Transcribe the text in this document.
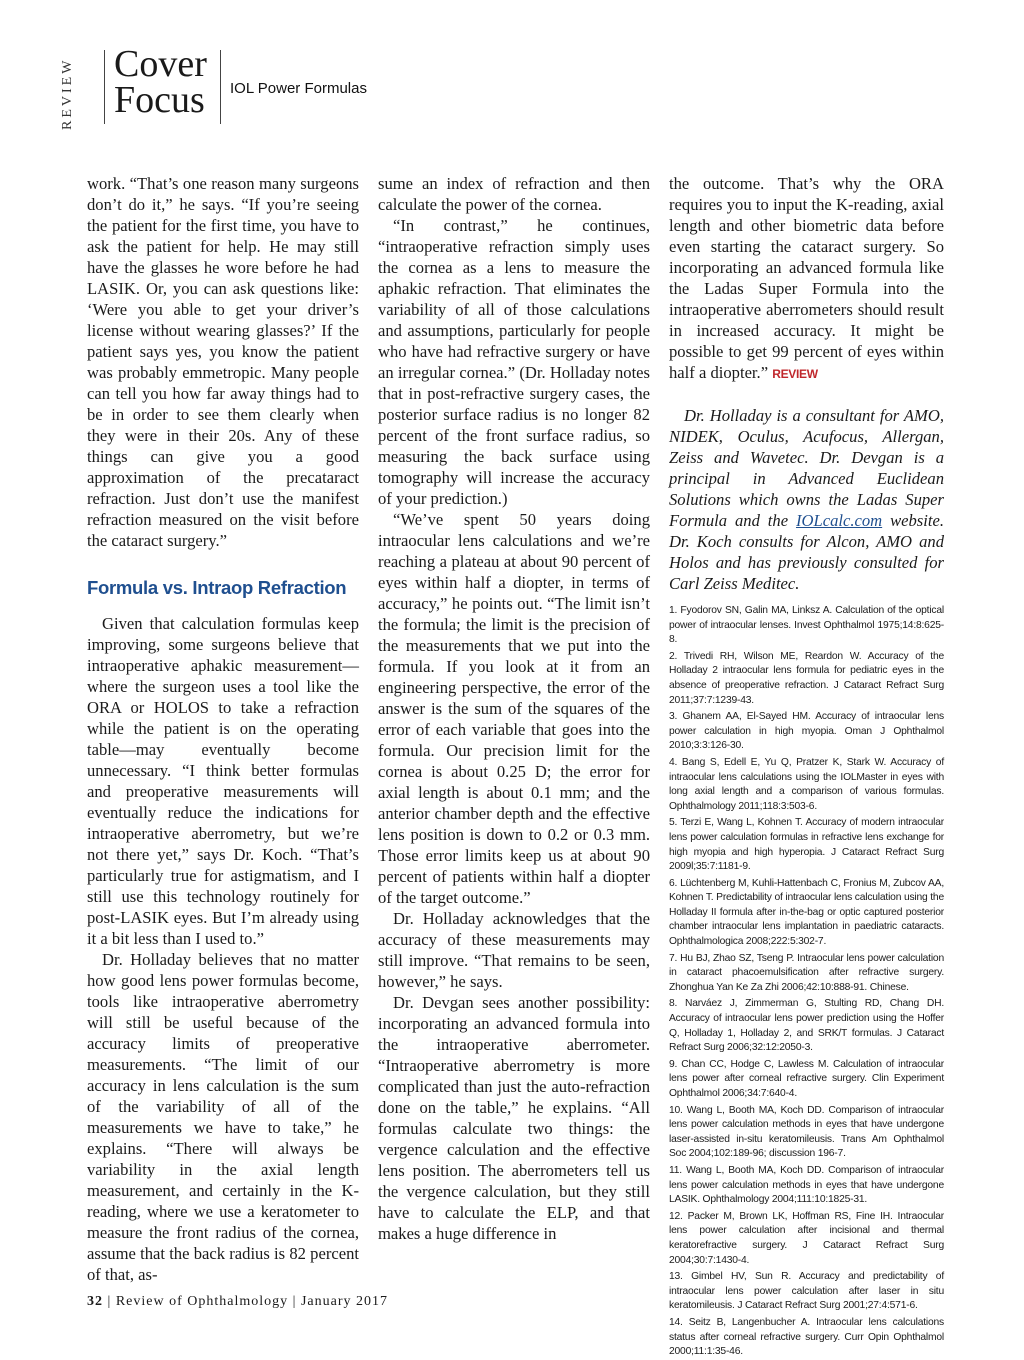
REVIEW Cover
Focus IOL Power Formulas

work. “That’s one reason many surgeons don’t do it,” he says. “If you’re seeing the patient for the first time, you have to ask the patient for help. He may still have the glasses he wore before he had LASIK. Or, you can ask questions like: ‘Were you able to get your driver’s license without wearing glasses?’ If the patient says yes, you know the patient was probably emmetropic. Many people can tell you how far away things had to be in order to see them clearly when they were in their 20s. Any of these things can give you a good approximation of the precataract refraction. Just don’t use the manifest refraction measured on the visit before the cataract surgery.”

Formula vs. Intraop Refraction

Given that calculation formulas keep improving, some surgeons believe that intraoperative aphakic measurement—where the surgeon uses a tool like the ORA or HOLOS to take a refraction while the patient is on the operating table—may eventually become unnecessary. “I think better formulas and preoperative measurements will eventually reduce the indications for intraoperative aberrometry, but we’re not there yet,” says Dr. Koch. “That’s particularly true for astigmatism, and I still use this technology routinely for post-LASIK eyes. But I’m already using it a bit less than I used to.”

Dr. Holladay believes that no matter how good lens power formulas become, tools like intraoperative aberrometry will still be useful because of the accuracy limits of preoperative measurements. “The limit of our accuracy in lens calculation is the sum of the variability of all of the measurements we have to take,” he explains. “There will always be variability in the axial length measurement, and certainly in the K-reading, where we use a keratometer to measure the front radius of the cornea, assume that the back radius is 82 percent of that, as-

sume an index of refraction and then calculate the power of the cornea.

“In contrast,” he continues, “intraoperative refraction simply uses the cornea as a lens to measure the aphakic refraction. That eliminates the variability of all of those calculations and assumptions, particularly for people who have had refractive surgery or have an irregular cornea.” (Dr. Holladay notes that in post-refractive surgery cases, the posterior surface radius is no longer 82 percent of the front surface radius, so measuring the back surface using tomography will increase the accuracy of your prediction.)

“We’ve spent 50 years doing intraocular lens calculations and we’re reaching a plateau at about 90 percent of eyes within half a diopter, in terms of accuracy,” he points out. “The limit isn’t the formula; the limit is the precision of the measurements that we put into the formula. If you look at it from an engineering perspective, the error of the answer is the sum of the squares of the error of each variable that goes into the formula. Our precision limit for the cornea is about 0.25 D; the error for axial length is about 0.1 mm; and the anterior chamber depth and the effective lens position is down to 0.2 or 0.3 mm. Those error limits keep us at about 90 percent of patients within half a diopter of the target outcome.”

Dr. Holladay acknowledges that the accuracy of these measurements may still improve. “That remains to be seen, however,” he says.

Dr. Devgan sees another possibility: incorporating an advanced formula into the intraoperative aberrometer. “Intraoperative aberrometry is more complicated than just the auto-refraction done on the table,” he explains. “All formulas calculate two things: the vergence calculation and the effective lens position. The aberrometers tell us the vergence calculation, but they still have to calculate the ELP, and that makes a huge difference in

the outcome. That’s why the ORA requires you to input the K-reading, axial length and other biometric data before even starting the cataract surgery. So incorporating an advanced formula like the Ladas Super Formula into the intraoperative aberrometers should result in increased accuracy. It might be possible to get 99 percent of eyes within half a diopter.” REVIEW

Dr. Holladay is a consultant for AMO, NIDEK, Oculus, Acufocus, Allergan, Zeiss and Wavetec. Dr. Devgan is a principal in Advanced Euclidean Solutions which owns the Ladas Super Formula and the IOLcalc.com website. Dr. Koch consults for Alcon, AMO and Holos and has previously consulted for Carl Zeiss Meditec.
1. Fyodorov SN, Galin MA, Linksz A. Calculation of the optical power of intraocular lenses. Invest Ophthalmol 1975;14:8:625-8.
2. Trivedi RH, Wilson ME, Reardon W. Accuracy of the Holladay 2 intraocular lens formula for pediatric eyes in the absence of preoperative refraction. J Cataract Refract Surg 2011;37:7:1239-43.
3. Ghanem AA, El-Sayed HM. Accuracy of intraocular lens power calculation in high myopia. Oman J Ophthalmol 2010;3:3:126-30.
4. Bang S, Edell E, Yu Q, Pratzer K, Stark W. Accuracy of intraocular lens calculations using the IOLMaster in eyes with long axial length and a comparison of various formulas. Ophthalmology 2011;118:3:503-6.
5. Terzi E, Wang L, Kohnen T. Accuracy of modern intraocular lens power calculation formulas in refractive lens exchange for high myopia and high hyperopia. J Cataract Refract Surg 2009l;35:7:1181-9.
6. Lüchtenberg M, Kuhli-Hattenbach C, Fronius M, Zubcov AA, Kohnen T. Predictability of intraocular lens calculation using the Holladay II formula after in-the-bag or optic captured posterior chamber intraocular lens implantation in paediatric cataracts. Ophthalmologica 2008;222:5:302-7.
7. Hu BJ, Zhao SZ, Tseng P. Intraocular lens power calculation in cataract phacoemulsification after refractive surgery. Zhonghua Yan Ke Za Zhi 2006;42:10:888-91. Chinese.
8. Narváez J, Zimmerman G, Stulting RD, Chang DH. Accuracy of intraocular lens power prediction using the Hoffer Q, Holladay 1, Holladay 2, and SRK/T formulas. J Cataract Refract Surg 2006;32:12:2050-3.
9. Chan CC, Hodge C, Lawless M. Calculation of intraocular lens power after corneal refractive surgery. Clin Experiment Ophthalmol 2006;34:7:640-4.
10. Wang L, Booth MA, Koch DD. Comparison of intraocular lens power calculation methods in eyes that have undergone laser-assisted in-situ keratomileusis. Trans Am Ophthalmol Soc 2004;102:189-96; discussion 196-7.
11. Wang L, Booth MA, Koch DD. Comparison of intraocular lens power calculation methods in eyes that have undergone LASIK. Ophthalmology 2004;111:10:1825-31.
12. Packer M, Brown LK, Hoffman RS, Fine IH. Intraocular lens power calculation after incisional and thermal keratorefractive surgery. J Cataract Refract Surg 2004;30:7:1430-4.
13. Gimbel HV, Sun R. Accuracy and predictability of intraocular lens power calculation after laser in situ keratomileusis. J Cataract Refract Surg 2001;27:4:571-6.
14. Seitz B, Langenbucher A. Intraocular lens calculations status after corneal refractive surgery. Curr Opin Ophthalmol 2000;11:1:35-46.
32 | Review of Ophthalmology | January 2017
